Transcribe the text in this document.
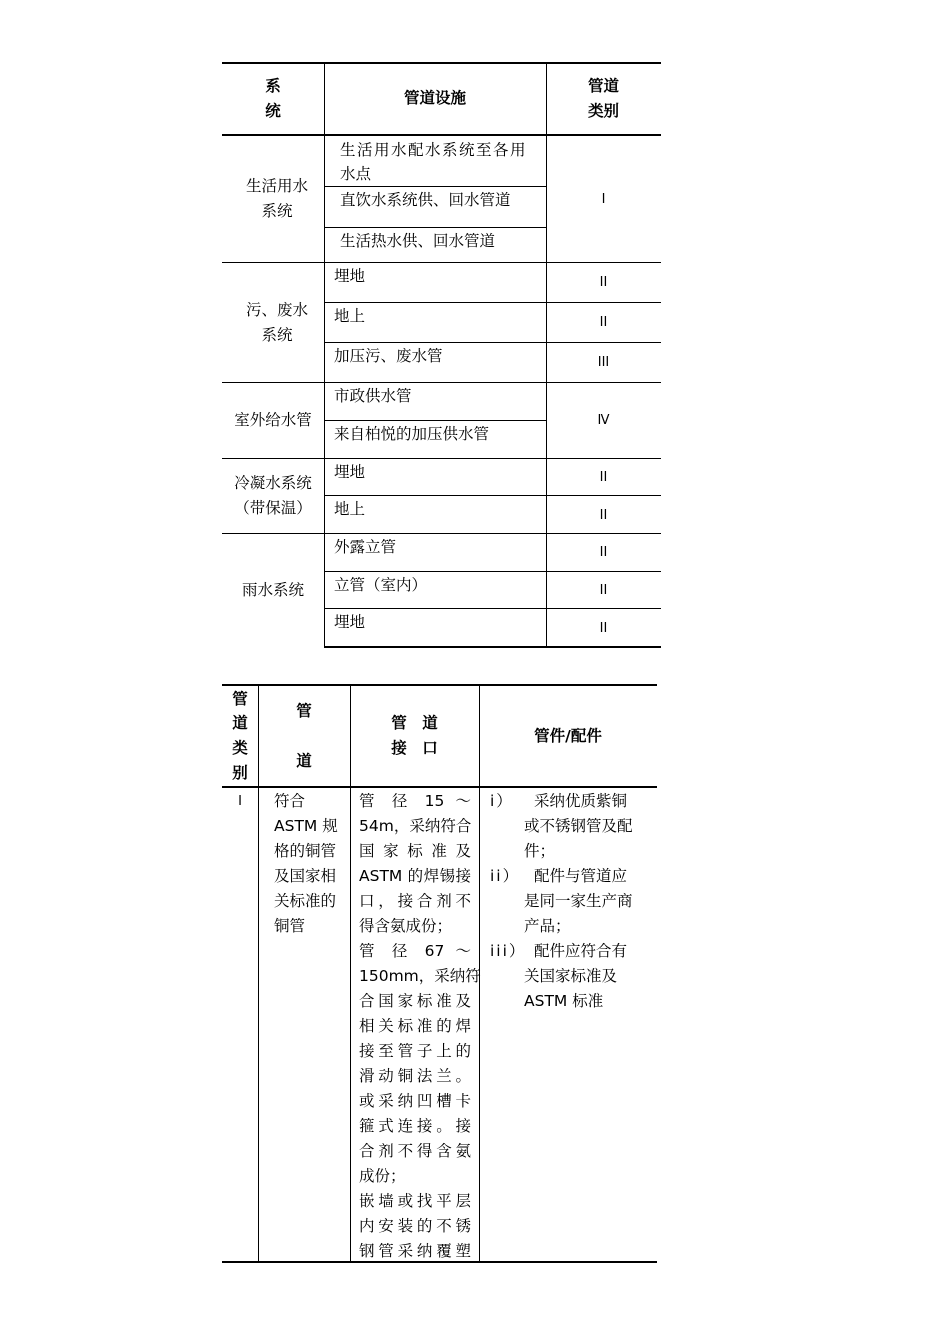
系
统
管道设施
管道
类别
生活用水
系统
生活用水配水系统至各用
水点
直饮水系统供、回水管道
生活热水供、回水管道
I
污、废水
系统
埋地
地上
加压污、废水管
II
II
III
室外给水管
市政供水管
来自柏悦的加压供水管
Ⅳ
冷凝水系统
（带保温）
埋地
地上
II
II
雨水系统
外露立管
立管（室内）
埋地
II
II
II
管
道
类
别
管
道
管　道
接　口
管件/配件
I	符合
ASTM 规
格的铜管
及国家相
关标准的
铜管
管 径 15 ～
54m，采纳符合
国 家 标 准 及
ASTM 的焊锡接
口，接合剂不
得含氨成份；
管 径 67 ～
150mm，采纳符
合国家标准及
相关标准的焊
接至管子上的
滑动铜法兰。
或采纳凹槽卡
箍式连接。接
合剂不得含氨
成份；
嵌墙或找平层
内安装的不锈
钢管采纳覆塑
i）	采纳优质紫铜
或不锈钢管及配
件；
ii） 配件与管道应
是同一家生产商
产品；
iii） 配件应符合有
关国家标准及
ASTM 标准
